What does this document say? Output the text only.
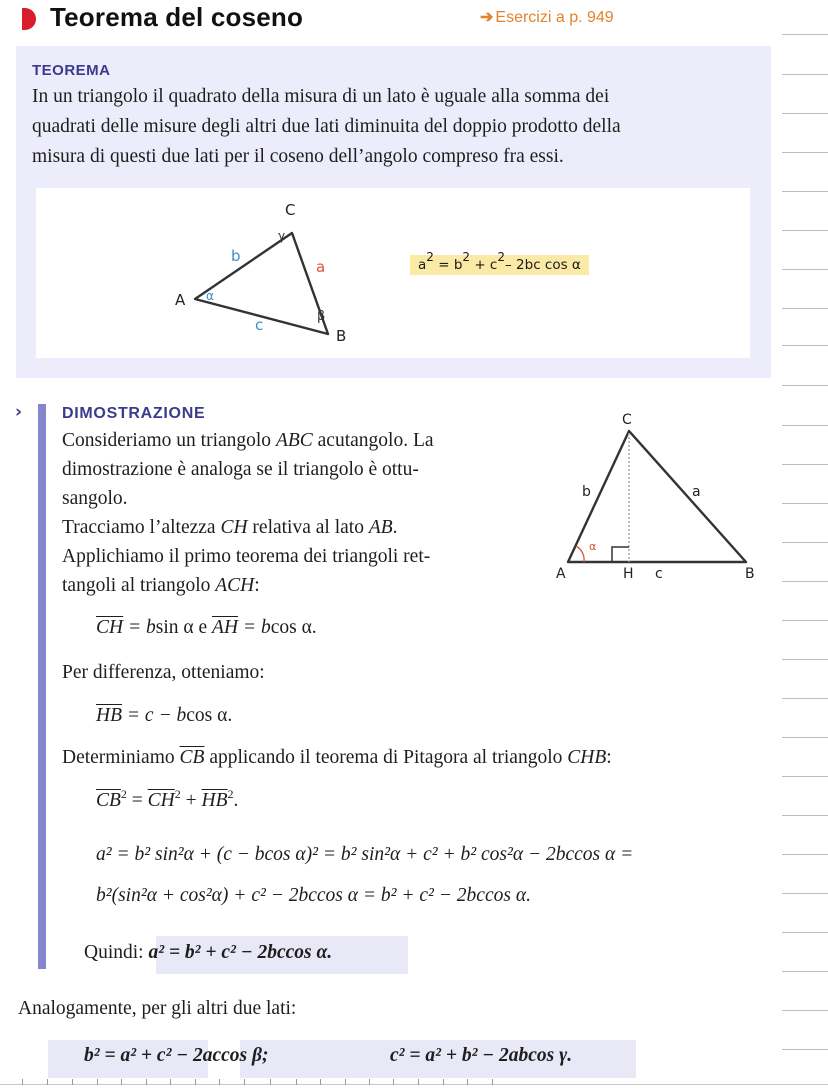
Teorema del coseno	➔ Esercizi a p. 949
TEOREMA
In un triangolo il quadrato della misura di un lato è uguale alla somma dei
quadrati delle misure degli altri due lati diminuita del doppio prodotto della
misura di questi due lati per il coseno dell’angolo compreso fra essi.
C
A
B
b
a
c
γ
α
β
$a^2 = b^2 + c^2-$ 2bc cos α
› DIMOSTRAZIONE
Consideriamo un triangolo ABC acutangolo. La
dimostrazione è analoga se il triangolo è ottu-
sangolo.
Tracciamo l’altezza CH relativa al lato AB.
Applichiamo il primo teorema dei triangoli ret-
tangoli al triangolo ACH:
C
A	H	B
b	a
c
α
$\overline{CH} = bsin$ α e $\overline{AH} = bcos$ α.
Per differenza, otteniamo:
$\overline{HB} = c - bcos$ α.
Determiniamo $\overline{CB}$ applicando il teorema di Pitagora al triangolo CHB:
$\overline{CB}^2 = \overline{CH}^2 + \overline{HB}^2$.
a² = b² sin²α + (c − bcos α)² = b² sin²α + c² + b² cos²α − 2bccos α =
b²(sin²α + cos²α) + c² − 2bccos α = b² + c² − 2bccos α.
Quindi: a² = b² + c² − 2bccos α.
Analogamente, per gli altri due lati:
b² = a² + c² − 2accos β;	c² = a² + b² − 2abcos γ.
